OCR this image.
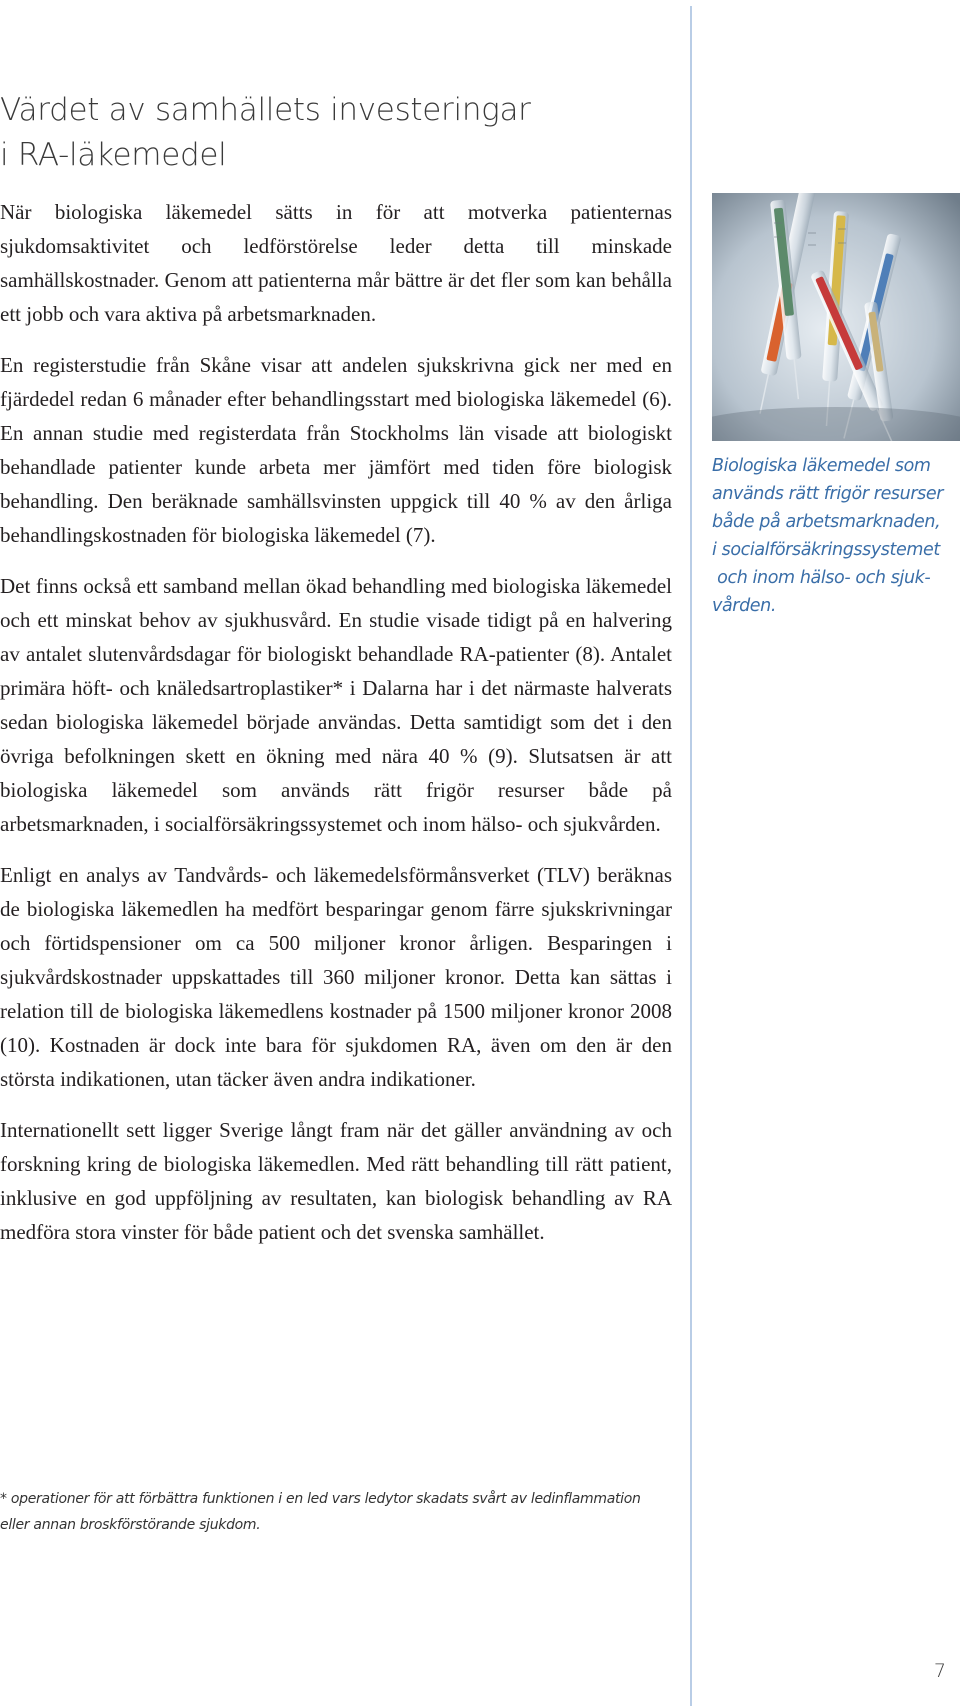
Värdet av samhällets investeringar
i RA-läkemedel

När biologiska läkemedel sätts in för att motverka patienternas sjukdomsaktivitet och ledförstörelse leder detta till minskade samhällskostnader. Genom att patienterna mår bättre är det fler som kan behålla ett jobb och vara aktiva på arbetsmarknaden.

En registerstudie från Skåne visar att andelen sjukskrivna gick ner med en fjärdedel redan 6 månader efter behandlingsstart med biologiska läkemedel (6). En annan studie med registerdata från Stockholms län visade att biologiskt behandlade patienter kunde arbeta mer jämfört med tiden före biologisk behandling. Den beräknade samhällsvinsten uppgick till 40 % av den årliga behandlingskostnaden för biologiska läkemedel (7).

Det finns också ett samband mellan ökad behandling med biologiska läkemedel och ett minskat behov av sjukhusvård. En studie visade tidigt på en halvering av antalet slutenvårdsdagar för biologiskt behandlade RA-patienter (8). Antalet primära höft- och knäledsartroplastiker* i Dalarna har i det närmaste halverats sedan biologiska läkemedel började användas. Detta samtidigt som det i den övriga befolkningen skett en ökning med nära 40 % (9). Slutsatsen är att biologiska läkemedel som används rätt frigör resurser både på arbetsmarknaden, i socialförsäkringssystemet och inom hälso- och sjukvården.

Enligt en analys av Tandvårds- och läkemedelsförmånsverket (TLV) beräknas de biologiska läkemedlen ha medfört besparingar genom färre sjukskrivningar och förtidspensioner om ca 500 miljoner kronor årligen. Besparingen i sjukvårdskostnader uppskattades till 360 miljoner kronor. Detta kan sättas i relation till de biologiska läkemedlens kostnader på 1500 miljoner kronor 2008 (10). Kostnaden är dock inte bara för sjukdomen RA, även om den är den största indikationen, utan täcker även andra indikationer.

Internationellt sett ligger Sverige långt fram när det gäller användning av och forskning kring de biologiska läkemedlen. Med rätt behandling till rätt patient, inklusive en god uppföljning av resultaten, kan biologisk behandling av RA medföra stora vinster för både patient och det svenska samhället.

Biologiska läkemedel som
används rätt frigör resurser
både på arbetsmarknaden,
i socialförsäkringssystemet
och inom hälso- och sjuk-
vården.
* operationer för att förbättra funktionen i en led vars ledytor skadats svårt av ledinflammation
eller annan broskförstörande sjukdom.
7
